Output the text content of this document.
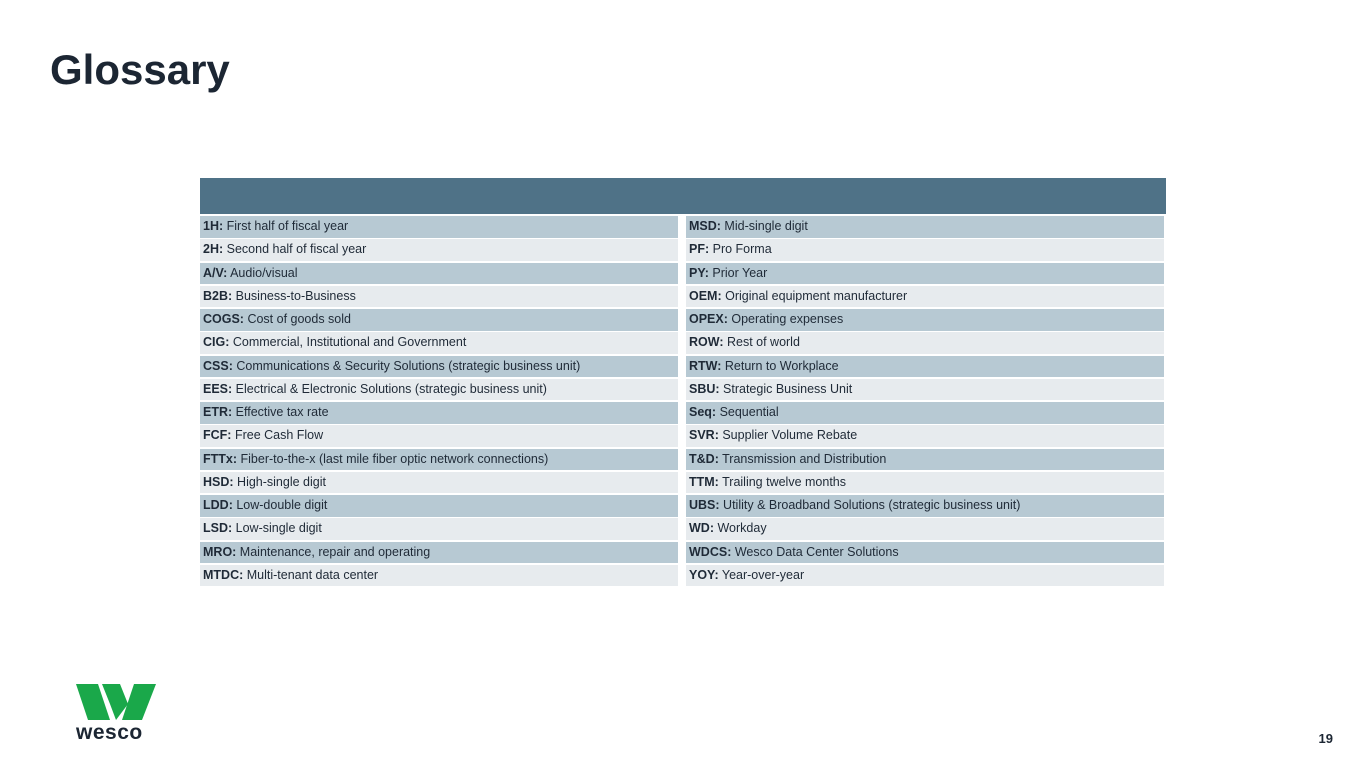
Glossary
1H: First half of fiscal year	MSD: Mid-single digit
2H: Second half of fiscal year	PF: Pro Forma
A/V: Audio/visual	PY: Prior Year
B2B: Business-to-Business	OEM: Original equipment manufacturer
COGS: Cost of goods sold	OPEX: Operating expenses
CIG: Commercial, Institutional and Government	ROW: Rest of world
CSS: Communications & Security Solutions (strategic business unit)	RTW: Return to Workplace
EES: Electrical & Electronic Solutions (strategic business unit)	SBU: Strategic Business Unit
ETR: Effective tax rate	Seq: Sequential
FCF: Free Cash Flow	SVR: Supplier Volume Rebate
FTTx: Fiber-to-the-x (last mile fiber optic network connections)	T&D: Transmission and Distribution
HSD: High-single digit	TTM: Trailing twelve months
LDD: Low-double digit	UBS: Utility & Broadband Solutions (strategic business unit)
LSD: Low-single digit	WD: Workday
MRO: Maintenance, repair and operating	WDCS: Wesco Data Center Solutions
MTDC: Multi-tenant data center	YOY: Year-over-year
wesco	19
